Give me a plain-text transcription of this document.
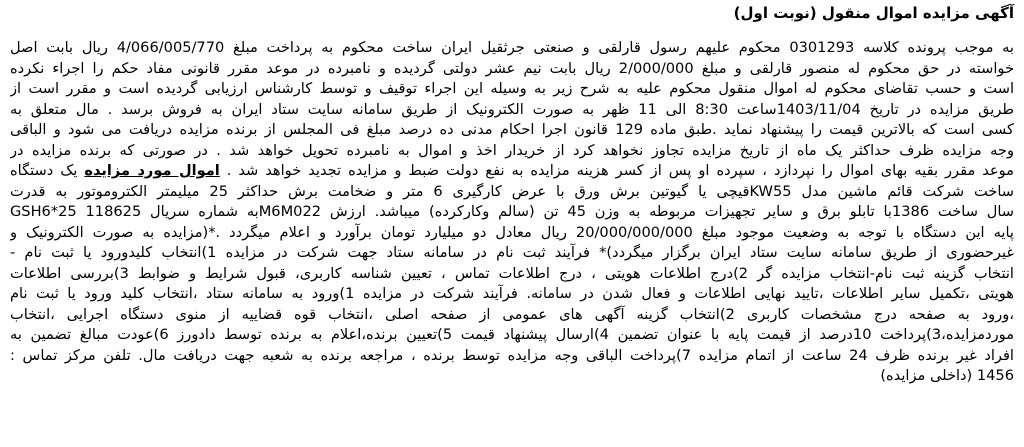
آگهی مزایده اموال منقول (نوبت اول)

به موجب پرونده کلاسه 0301293 محکوم علیهم رسول قارلقی و صنعتی جرثقیل ایران ساخت محکوم به پرداخت مبلغ 4/066/005/770 ریال بابت اصل

خواسته در حق محکوم له منصور قارلقی و مبلغ 2/000/000 ریال بابت نیم عشر دولتی گردیده و نامبرده در موعد مقرر قانونی مفاد حکم را اجراء نکرده

است و حسب تقاضای محکوم له اموال منقول محکوم علیه به شرح زیر به وسیله این اجراء توقیف و توسط کارشناس ارزیابی گردیده است و مقرر است از

طریق مزایده در تاریخ 1403/11/04ساعت 8:30 الی 11 ظهر به صورت الکترونیک از طریق سامانه سایت ستاد ایران به فروش برسد . مال متعلق به

کسی است که بالاترین قیمت را پیشنهاد نماید .طبق ماده 129 قانون اجرا احکام مدنی ده درصد مبلغ فی المجلس از برنده مزایده دریافت می شود و الباقی

وجه مزایده ظرف حداکثر یک ماه از تاریخ مزایده تجاوز نخواهد کرد از خریدار اخذ و اموال به نامبرده تحویل خواهد شد . در صورتی که برنده مزایده در

موعد مقرر بقیه بهای اموال را نپردازد ، سپرده او پس از کسر هزینه مزایده به نفع دولت ضبط و مزایده تجدید خواهد شد . اموال مورد مزایده یک دستگاه

ساخت شرکت قائم ماشین مدل KW55قیچی یا گیوتین برش ورق با عرض کارگیری 6 متر و ضخامت برش حداکثر 25 میلیمتر الکتروموتور به قدرت

سال ساخت 1386با تابلو برق و سایر تجهیزات مربوطه به وزن 45 تن (سالم وکارکرده) میباشد. ارزش M6M022به شماره سریال 118625 25*GSH6

پایه این دستگاه با توجه به وضعیت موجود مبلغ 20/000/000/000 ریال معادل دو میلیارد تومان برآورد و اعلام میگردد .*(مزایده به صورت الکترونیک و

غیرحضوری از طریق سامانه سایت ستاد ایران برگزار میگردد)* فرآیند ثبت نام در سامانه ستاد جهت شرکت در مزایده 1)انتخاب کلیدورود یا ثبت نام -

انتخاب گزینه ثبت نام-انتخاب مزایده گر 2)درج اطلاعات هویتی ، درج اطلاعات تماس ، تعیین شناسه کاربری، قبول شرایط و ضوابط 3)بررسی اطلاعات

هویتی ،تکمیل سایر اطلاعات ،تایید نهایی اطلاعات و فعال شدن در سامانه. فرآیند شرکت در مزایده 1)ورود به سامانه ستاد ،انتخاب کلید ورود یا ثبت نام

،ورود به صفحه درج مشخصات کاربری 2)انتخاب گزینه آگهی های عمومی از صفحه اصلی ،انتخاب قوه قضاییه از منوی دستگاه اجرایی ،انتخاب

موردمزایده،3)پرداخت 10درصد از قیمت پایه با عنوان تضمین 4)ارسال پیشنهاد قیمت 5)تعیین برنده،اعلام به برنده توسط دادورز 6)عودت مبالغ تضمین به

افراد غیر برنده ظرف 24 ساعت از اتمام مزایده 7)پرداخت الباقی وجه مزایده توسط برنده ، مراجعه برنده به شعبه جهت دریافت مال. تلفن مرکز تماس :

1456 (داخلی مزایده)
